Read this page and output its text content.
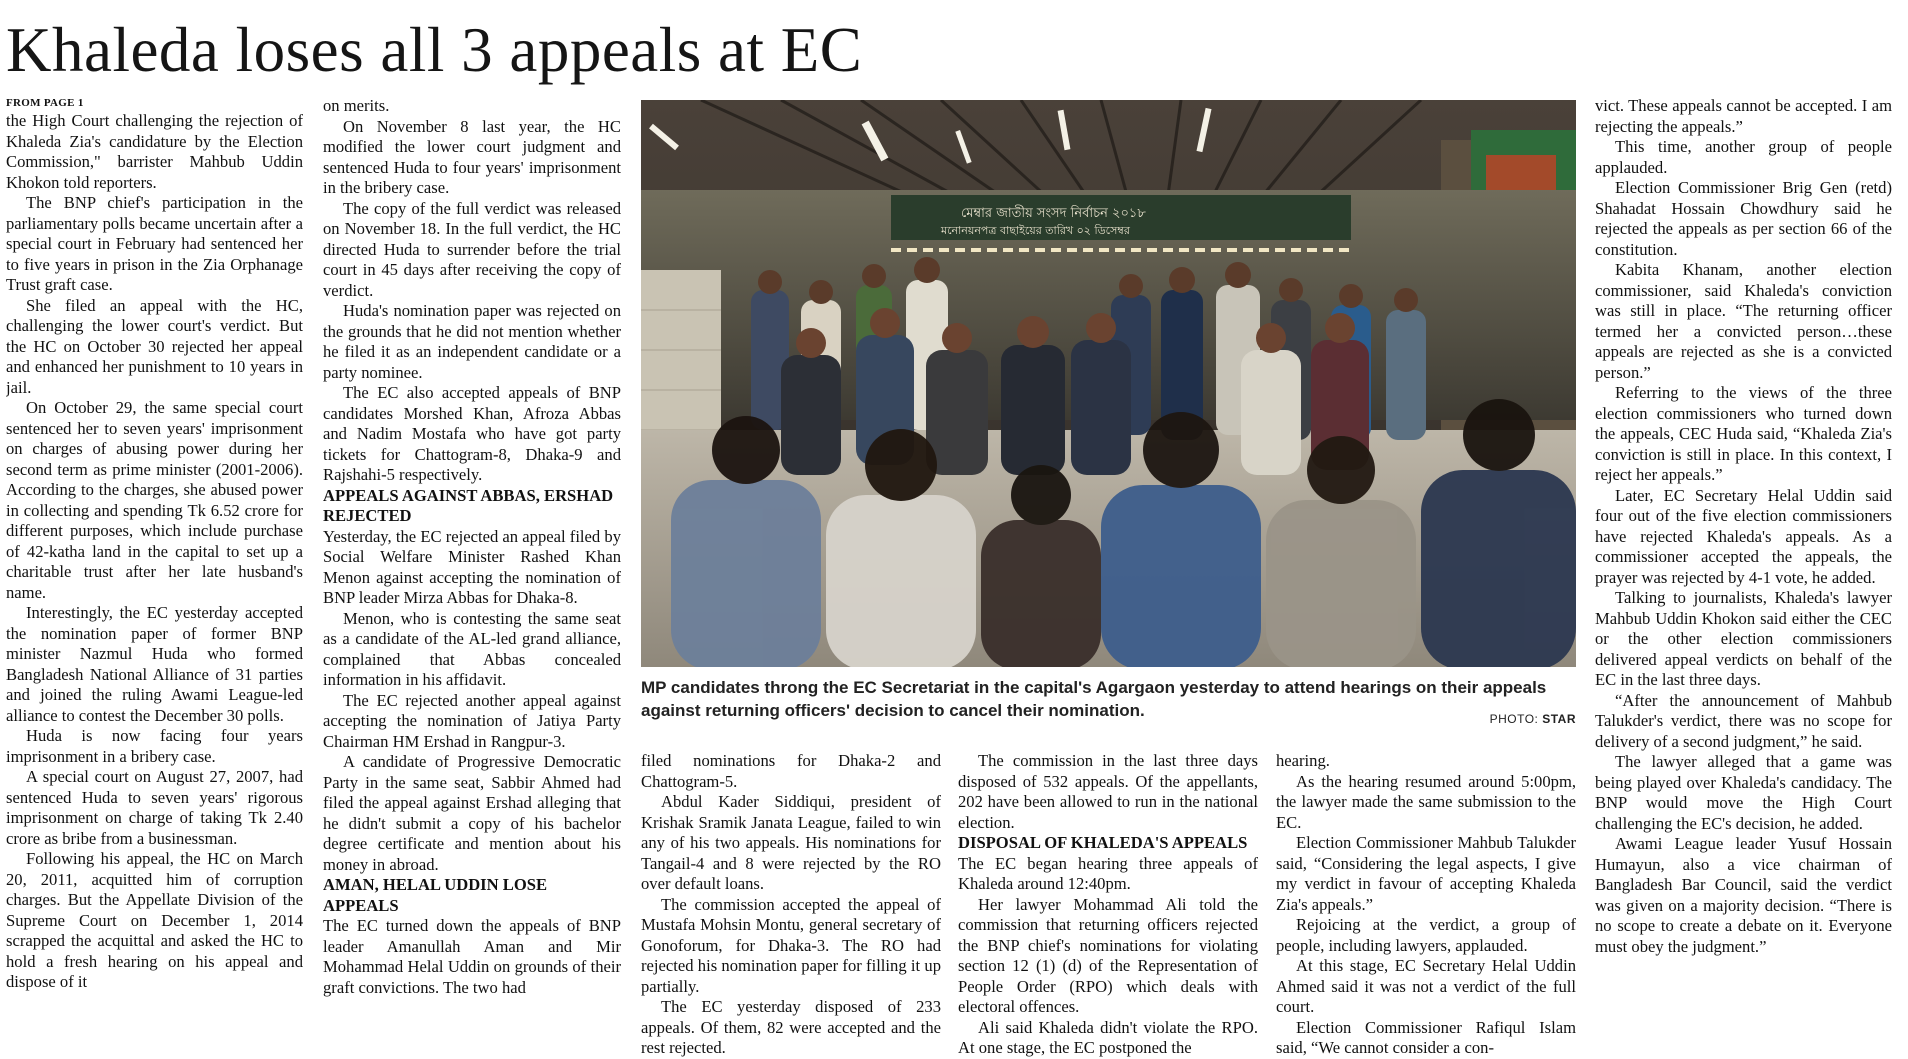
Khaleda loses all 3 appeals at EC

FROM PAGE 1

the High Court challenging the rejection of Khaleda Zia's candidature by the Election Commission," barrister Mahbub Uddin Khokon told reporters.

The BNP chief's participation in the parliamentary polls became uncertain after a special court in February had sentenced her to five years in prison in the Zia Orphanage Trust graft case.

She filed an appeal with the HC, challenging the lower court's verdict. But the HC on October 30 rejected her appeal and enhanced her punishment to 10 years in jail.

On October 29, the same special court sentenced her to seven years' imprisonment on charges of abusing power during her second term as prime minister (2001-2006). According to the charges, she abused power in collecting and spending Tk 6.52 crore for different purposes, which include purchase of 42-katha land in the capital to set up a charitable trust after her late husband's name.

Interestingly, the EC yesterday accepted the nomination paper of former BNP minister Nazmul Huda who formed Bangladesh National Alliance of 31 parties and joined the ruling Awami League-led alliance to contest the December 30 polls.

Huda is now facing four years imprisonment in a bribery case.

A special court on August 27, 2007, had sentenced Huda to seven years' rigorous imprisonment on charge of taking Tk 2.40 crore as bribe from a businessman.

Following his appeal, the HC on March 20, 2011, acquitted him of corruption charges. But the Appellate Division of the Supreme Court on December 1, 2014 scrapped the acquittal and asked the HC to hold a fresh hearing on his appeal and dispose of it

on merits.

On November 8 last year, the HC modified the lower court judgment and sentenced Huda to four years' imprisonment in the bribery case.

The copy of the full verdict was released on November 18. In the full verdict, the HC directed Huda to surrender before the trial court in 45 days after receiving the copy of verdict.

Huda's nomination paper was rejected on the grounds that he did not mention whether he filed it as an independent candidate or a party nominee.

The EC also accepted appeals of BNP candidates Morshed Khan, Afroza Abbas and Nadim Mostafa who have got party tickets for Chattogram-8, Dhaka-9 and Rajshahi-5 respectively.

APPEALS AGAINST ABBAS, ERSHAD REJECTED

Yesterday, the EC rejected an appeal filed by Social Welfare Minister Rashed Khan Menon against accepting the nomination of BNP leader Mirza Abbas for Dhaka-8.

Menon, who is contesting the same seat as a candidate of the AL-led grand alliance, complained that Abbas concealed information in his affidavit.

The EC rejected another appeal against accepting the nomination of Jatiya Party Chairman HM Ershad in Rangpur-3.

A candidate of Progressive Democratic Party in the same seat, Sabbir Ahmed had filed the appeal against Ershad alleging that he didn't submit a copy of his bachelor degree certificate and mention about his money in abroad.

AMAN, HELAL UDDIN LOSE APPEALS

The EC turned down the appeals of BNP leader Amanullah Aman and Mir Mohammad Helal Uddin on grounds of their graft convictions. The two had

মেম্বার জাতীয় সংসদ নির্বাচন ২০১৮
মনোনয়নপত্র বাছাইয়ের তারিখ ০২ ডিসেম্বর
MP candidates throng the EC Secretariat in the capital's Agargaon yesterday to attend hearings on their appeals against returning officers' decision to cancel their nomination.	PHOTO: STAR

filed nominations for Dhaka-2 and Chattogram-5.

Abdul Kader Siddiqui, president of Krishak Sramik Janata League, failed to win any of his two appeals. His nominations for Tangail-4 and 8 were rejected by the RO over default loans.

The commission accepted the appeal of Mustafa Mohsin Montu, general secretary of Gonoforum, for Dhaka-3. The RO had rejected his nomination paper for filling it up partially.

The EC yesterday disposed of 233 appeals. Of them, 82 were accepted and the rest rejected.

The commission in the last three days disposed of 532 appeals. Of the appellants, 202 have been allowed to run in the national election.

DISPOSAL OF KHALEDA'S APPEALS

The EC began hearing three appeals of Khaleda around 12:40pm.

Her lawyer Mohammad Ali told the commission that returning officers rejected the BNP chief's nominations for violating section 12 (1) (d) of the Representation of People Order (RPO) which deals with electoral offences.

Ali said Khaleda didn't violate the RPO. At one stage, the EC postponed the

hearing.

As the hearing resumed around 5:00pm, the lawyer made the same submission to the EC.

Election Commissioner Mahbub Talukder said, “Considering the legal aspects, I give my verdict in favour of accepting Khaleda Zia's appeals.”

Rejoicing at the verdict, a group of people, including lawyers, applauded.

At this stage, EC Secretary Helal Uddin Ahmed said it was not a verdict of the full court.

Election Commissioner Rafiqul Islam said, “We cannot consider a con-

vict. These appeals cannot be accepted. I am rejecting the appeals.”

This time, another group of people applauded.

Election Commissioner Brig Gen (retd) Shahadat Hossain Chowdhury said he rejected the appeals as per section 66 of the constitution.

Kabita Khanam, another election commissioner, said Khaleda's conviction was still in place. “The returning officer termed her a convicted person…these appeals are rejected as she is a convicted person.”

Referring to the views of the three election commissioners who turned down the appeals, CEC Huda said, “Khaleda Zia's conviction is still in place. In this context, I reject her appeals.”

Later, EC Secretary Helal Uddin said four out of the five election commissioners have rejected Khaleda's appeals. As a commissioner accepted the appeals, the prayer was rejected by 4-1 vote, he added.

Talking to journalists, Khaleda's lawyer Mahbub Uddin Khokon said either the CEC or the other election commissioners delivered appeal verdicts on behalf of the EC in the last three days.

“After the announcement of Mahbub Talukder's verdict, there was no scope for delivery of a second judgment,” he said.

The lawyer alleged that a game was being played over Khaleda's candidacy. The BNP would move the High Court challenging the EC's decision, he added.

Awami League leader Yusuf Hossain Humayun, also a vice chairman of Bangladesh Bar Council, said the verdict was given on a majority decision. “There is no scope to create a debate on it. Everyone must obey the judgment.”
